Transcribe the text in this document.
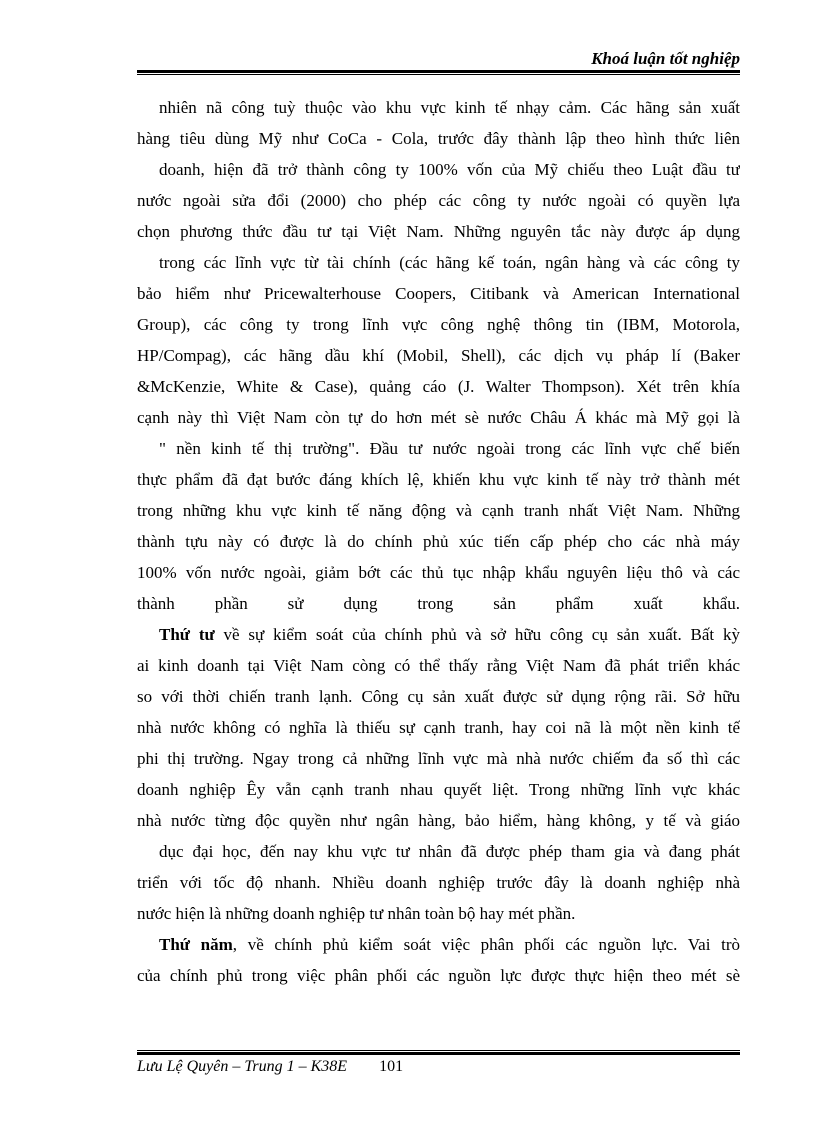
Khoá luận tốt nghiệp
nhiên nã công tuỳ thuộc vào khu vực kinh tế nhạy cảm. Các hãng sản xuất
hàng tiêu dùng Mỹ như CoCa - Cola, trước đây thành lập theo hình thức liên
doanh, hiện đã trở thành công ty 100% vốn của Mỹ chiếu theo Luật đầu tư
nước ngoài sửa đổi (2000) cho phép các công ty nước ngoài có quyền lựa
chọn phương thức đầu tư tại Việt Nam. Những nguyên tắc này được áp dụng
trong các lĩnh vực từ tài chính (các hãng kế toán, ngân hàng và các công ty
bảo hiểm như Pricewalterhouse Coopers, Citibank và American International
Group), các công ty trong lĩnh vực công nghệ thông tin (IBM, Motorola,
HP/Compag), các hãng dầu khí (Mobil, Shell), các dịch vụ pháp lí (Baker
&McKenzie, White & Case), quảng cáo (J. Walter Thompson). Xét trên khía
cạnh này thì Việt Nam còn tự do hơn mét sè nước Châu Á khác mà Mỹ gọi là
" nền kinh tế thị trường". Đầu tư nước ngoài trong các lĩnh vực chế biến
thực phẩm đã đạt bước đáng khích lệ, khiến khu vực kinh tế này trở thành mét
trong những khu vực kinh tế năng động và cạnh tranh nhất Việt Nam. Những
thành tựu này có được là do chính phủ xúc tiến cấp phép cho các nhà máy
100% vốn nước ngoài, giảm bớt các thủ tục nhập khẩu nguyên liệu thô và các
thành phần sử dụng trong sản phẩm xuất khẩu.
Thứ tư về sự kiểm soát của chính phủ và sở hữu công cụ sản xuất. Bất kỳ
ai kinh doanh tại Việt Nam còng có thể thấy rằng Việt Nam đã phát triển khác
so với thời chiến tranh lạnh. Công cụ sản xuất được sử dụng rộng rãi. Sở hữu
nhà nước không có nghĩa là thiếu sự cạnh tranh, hay coi nã là một nền kinh tế
phi thị trường. Ngay trong cả những lĩnh vực mà nhà nước chiếm đa số thì các
doanh nghiệp Êy vẫn cạnh tranh nhau quyết liệt. Trong những lĩnh vực khác
nhà nước từng độc quyền như ngân hàng, bảo hiểm, hàng không, y tế và giáo
dục đại học, đến nay khu vực tư nhân đã được phép tham gia và đang phát
triển với tốc độ nhanh. Nhiều doanh nghiệp trước đây là doanh nghiệp nhà
nước hiện là những doanh nghiệp tư nhân toàn bộ hay mét phần.
Thứ năm, về chính phủ kiểm soát việc phân phối các nguồn lực. Vai trò
của chính phủ trong việc phân phối các nguồn lực được thực hiện theo mét sè
Lưu Lệ Quyên – Trung 1 – K38E 101
